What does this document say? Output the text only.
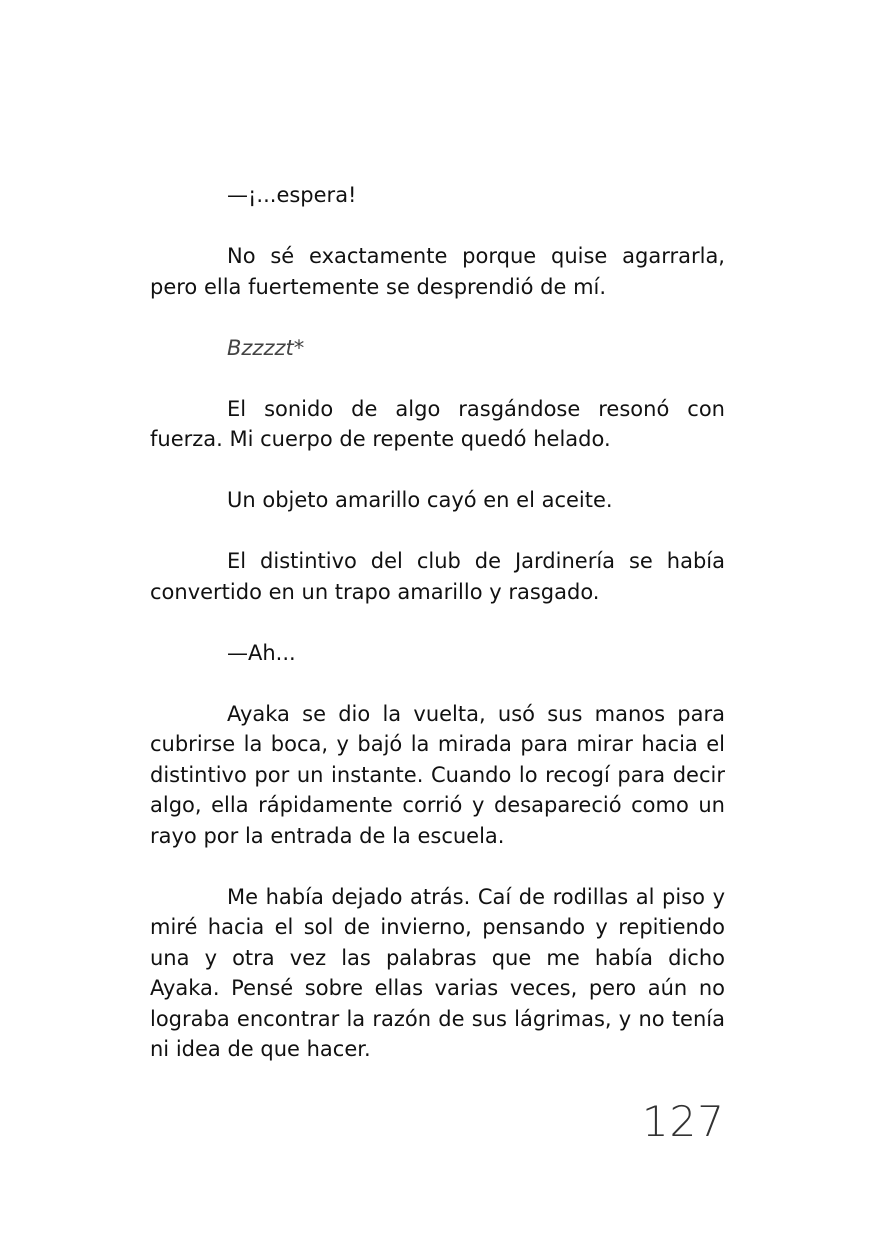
—¡...espera!

No sé exactamente porque quise agarrarla, pero ella fuertemente se desprendió de mí.

Bzzzzt*

El sonido de algo rasgándose resonó con fuerza. Mi cuerpo de repente quedó helado.

Un objeto amarillo cayó en el aceite.

El distintivo del club de Jardinería se había convertido en un trapo amarillo y rasgado.

—Ah...

Ayaka se dio la vuelta, usó sus manos para cubrirse la boca, y bajó la mirada para mirar hacia el distintivo por un instante. Cuando lo recogí para decir algo, ella rápidamente corrió y desapareció como un rayo por la entrada de la escuela.

Me había dejado atrás. Caí de rodillas al piso y miré hacia el sol de invierno, pensando y repitiendo una y otra vez las palabras que me había dicho Ayaka. Pensé sobre ellas varias veces, pero aún no lograba encontrar la razón de sus lágrimas, y no tenía ni idea de que hacer.

127
